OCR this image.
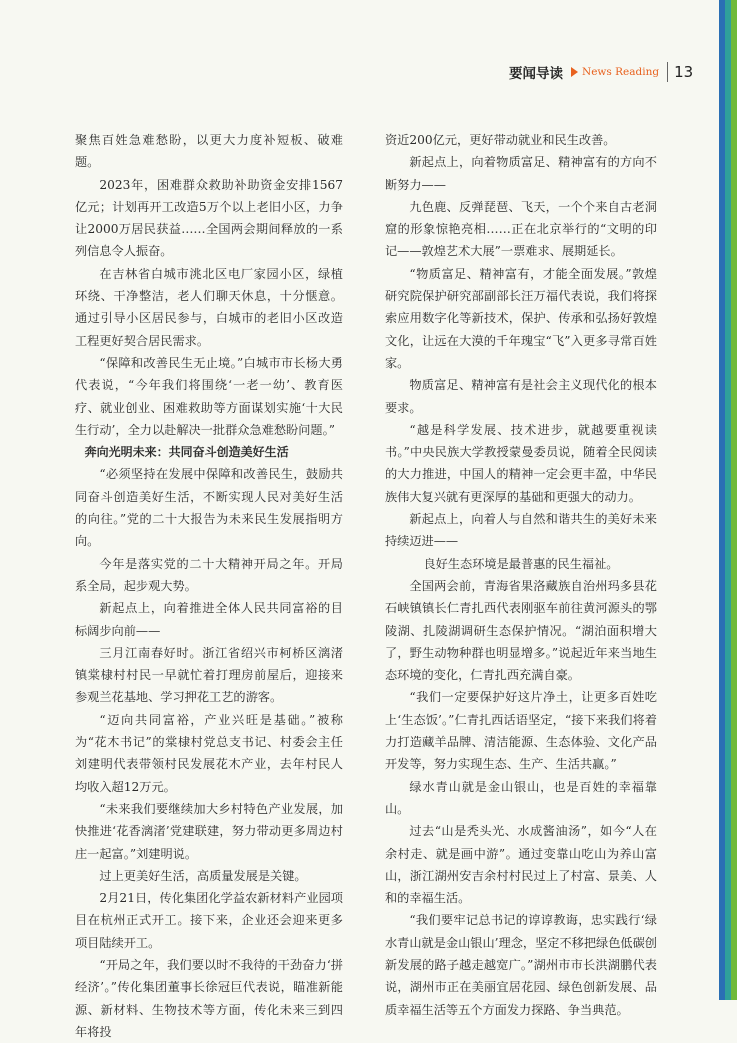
要闻导读 News Reading 13

聚焦百姓急难愁盼，以更大力度补短板、破难题。

2023年，困难群众救助补助资金安排1567亿元；计划再开工改造5万个以上老旧小区，力争让2000万居民获益……全国两会期间释放的一系列信息令人振奋。

在吉林省白城市洮北区电厂家园小区，绿植环绕、干净整洁，老人们聊天休息，十分惬意。通过引导小区居民参与，白城市的老旧小区改造工程更好契合居民需求。

“保障和改善民生无止境。”白城市市长杨大勇代表说，“今年我们将围绕‘一老一幼’、教育医疗、就业创业、困难救助等方面谋划实施‘十大民生行动’，全力以赴解决一批群众急难愁盼问题。”

奔向光明未来：共同奋斗创造美好生活

“必须坚持在发展中保障和改善民生，鼓励共同奋斗创造美好生活，不断实现人民对美好生活的向往。”党的二十大报告为未来民生发展指明方向。

今年是落实党的二十大精神开局之年。开局系全局，起步观大势。

新起点上，向着推进全体人民共同富裕的目标阔步向前——

三月江南春好时。浙江省绍兴市柯桥区漓渚镇棠棣村村民一早就忙着打理房前屋后，迎接来参观兰花基地、学习押花工艺的游客。

“迈向共同富裕，产业兴旺是基础。”被称为“花木书记”的棠棣村党总支书记、村委会主任刘建明代表带领村民发展花木产业，去年村民人均收入超12万元。

“未来我们要继续加大乡村特色产业发展，加快推进‘花香漓渚’党建联建，努力带动更多周边村庄一起富。”刘建明说。

过上更美好生活，高质量发展是关键。

2月21日，传化集团化学益农新材料产业园项目在杭州正式开工。接下来，企业还会迎来更多项目陆续开工。

“开局之年，我们要以时不我待的干劲奋力‘拼经济’。”传化集团董事长徐冠巨代表说，瞄准新能源、新材料、生物技术等方面，传化未来三到四年将投

资近200亿元，更好带动就业和民生改善。

新起点上，向着物质富足、精神富有的方向不断努力——

九色鹿、反弹琵琶、飞天，一个个来自古老洞窟的形象惊艳亮相……正在北京举行的“文明的印记——敦煌艺术大展”一票难求、展期延长。

“物质富足、精神富有，才能全面发展。”敦煌研究院保护研究部副部长汪万福代表说，我们将探索应用数字化等新技术，保护、传承和弘扬好敦煌文化，让远在大漠的千年瑰宝“飞”入更多寻常百姓家。

物质富足、精神富有是社会主义现代化的根本要求。

“越是科学发展、技术进步，就越要重视读书。”中央民族大学教授蒙曼委员说，随着全民阅读的大力推进，中国人的精神一定会更丰盈，中华民族伟大复兴就有更深厚的基础和更强大的动力。

新起点上，向着人与自然和谐共生的美好未来持续迈进——

良好生态环境是最普惠的民生福祉。

全国两会前，青海省果洛藏族自治州玛多县花石峡镇镇长仁青扎西代表刚驱车前往黄河源头的鄂陵湖、扎陵湖调研生态保护情况。“湖泊面积增大了，野生动物种群也明显增多。”说起近年来当地生态环境的变化，仁青扎西充满自豪。

“我们一定要保护好这片净土，让更多百姓吃上‘生态饭’。”仁青扎西话语坚定，“接下来我们将着力打造藏羊品牌、清洁能源、生态体验、文化产品开发等，努力实现生态、生产、生活共赢。”

绿水青山就是金山银山，也是百姓的幸福靠山。

过去“山是秃头光、水成酱油汤”，如今“人在余村走、就是画中游”。通过变靠山吃山为养山富山，浙江湖州安吉余村村民过上了村富、景美、人和的幸福生活。

“我们要牢记总书记的谆谆教诲，忠实践行‘绿水青山就是金山银山’理念，坚定不移把绿色低碳创新发展的路子越走越宽广。”湖州市市长洪湖鹏代表说，湖州市正在美丽宜居花园、绿色创新发展、品质幸福生活等五个方面发力探路、争当典范。
